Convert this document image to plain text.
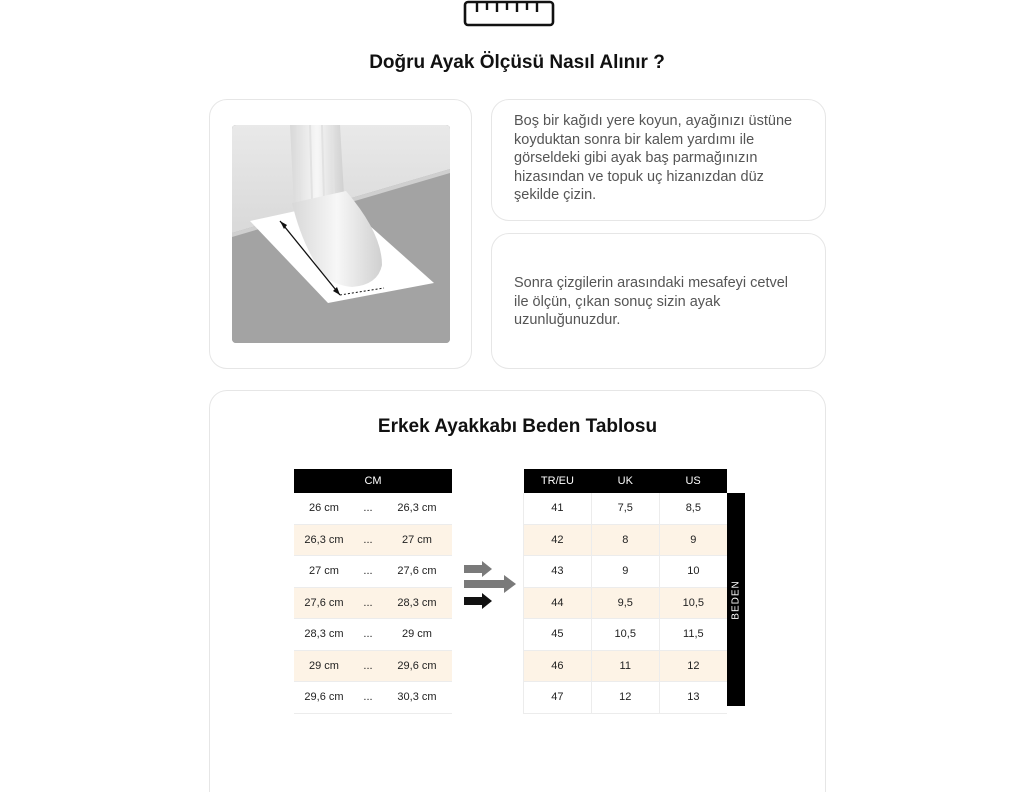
Doğru Ayak Ölçüsü Nasıl Alınır ?
Boş bir kağıdı yere koyun, ayağınızı üstüne koyduktan sonra bir kalem yardımı ile görseldeki gibi ayak baş parmağınızın hizasından ve topuk uç hizanızdan düz şekilde çizin.
Sonra çizgilerin arasındaki mesafeyi cetvel ile ölçün, çıkan sonuç sizin ayak uzunluğunuzdur.
Erkek Ayakkabı Beden Tablosu
CM		
26 cm	...	26,3 cm
26,3 cm	...	27 cm
27 cm	...	27,6 cm
27,6 cm	...	28,3 cm
28,3 cm	...	29 cm
29 cm	...	29,6 cm
29,6 cm	...	30,3 cm
TR/EU	UK	US
41	7,5	8,5
42	8	9
43	9	10
44	9,5	10,5
45	10,5	11,5
46	11	12
47	12	13
BEDEN
